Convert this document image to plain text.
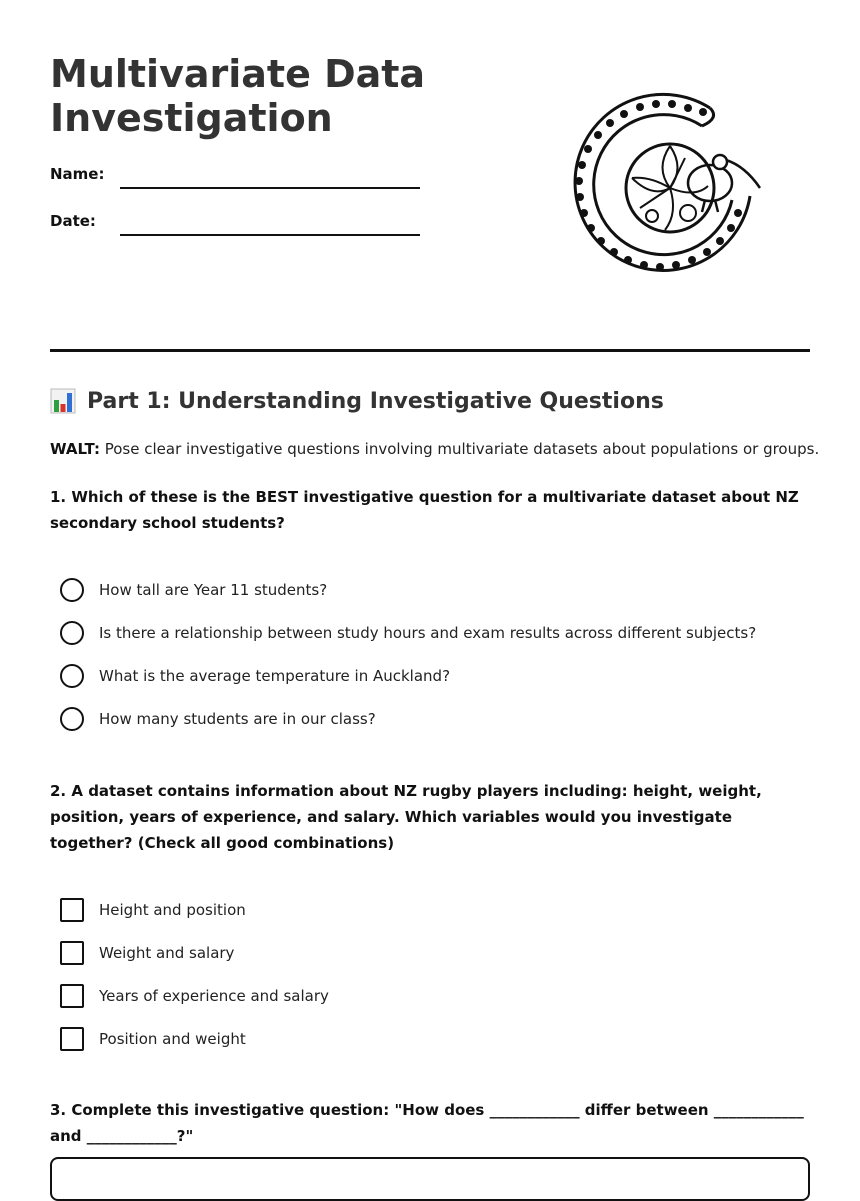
Multivariate Data Investigation
Name:
Date:
Part 1: Understanding Investigative Questions
WALT: Pose clear investigative questions involving multivariate datasets about populations or groups.

1. Which of these is the BEST investigative question for a multivariate dataset about NZ secondary school students?

How tall are Year 11 students?
Is there a relationship between study hours and exam results across different subjects?
What is the average temperature in Auckland?
How many students are in our class?

2. A dataset contains information about NZ rugby players including: height, weight, position, years of experience, and salary. Which variables would you investigate together? (Check all good combinations)

Height and position
Weight and salary
Years of experience and salary
Position and weight

3. Complete this investigative question: "How does ____________ differ between ____________ and ____________?"
